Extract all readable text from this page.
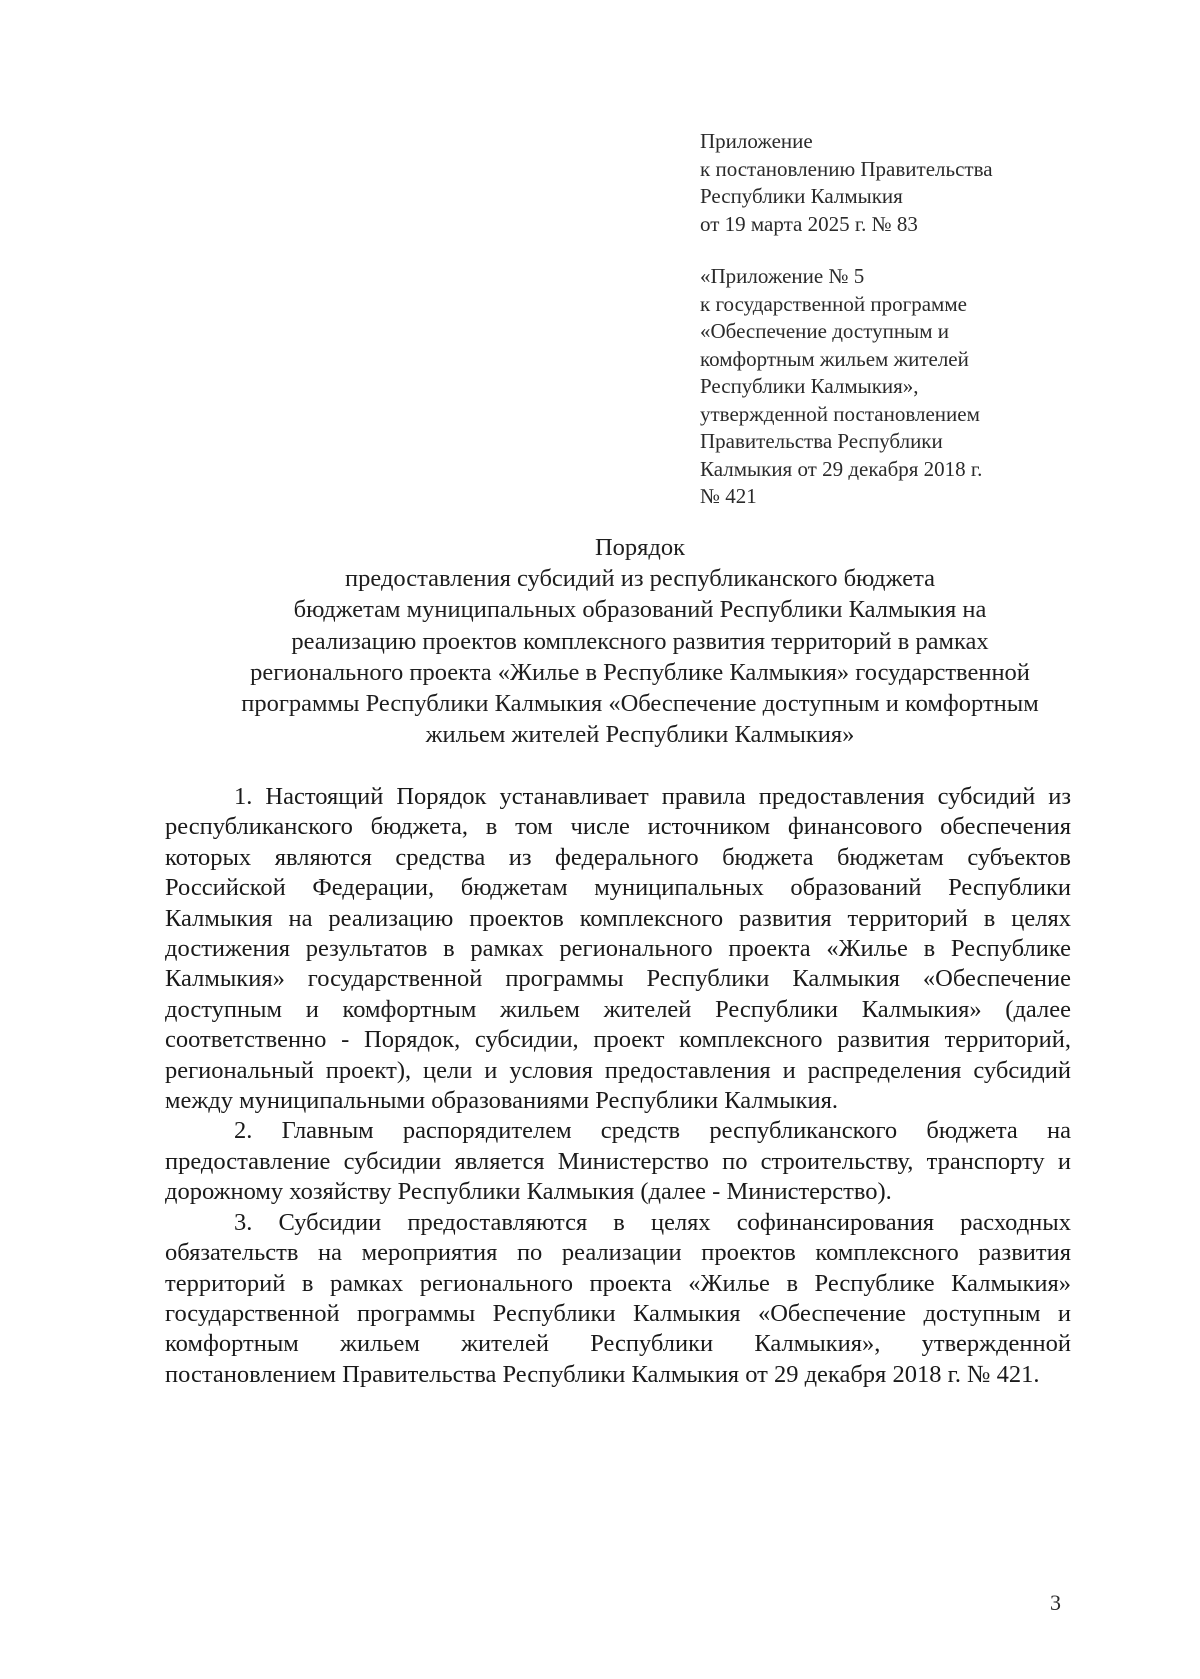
Приложение
к постановлению Правительства
Республики Калмыкия
от 19 марта 2025 г. № 83
«Приложение № 5
к государственной программе
«Обеспечение доступным и
комфортным жильем жителей
Республики Калмыкия»,
утвержденной постановлением
Правительства Республики
Калмыкия от 29 декабря 2018 г.
№ 421
Порядок
предоставления субсидий из республиканского бюджета
бюджетам муниципальных образований Республики Калмыкия на
реализацию проектов комплексного развития территорий в рамках
регионального проекта «Жилье в Республике Калмыкия» государственной
программы Республики Калмыкия «Обеспечение доступным и комфортным
жильем жителей Республики Калмыкия»

1. Настоящий Порядок устанавливает правила предоставления субсидий из республиканского бюджета, в том числе источником финансового обеспечения которых являются средства из федерального бюджета бюджетам субъектов Российской Федерации, бюджетам муниципальных образований Республики Калмыкия на реализацию проектов комплексного развития территорий в целях достижения результатов в рамках регионального проекта «Жилье в Республике Калмыкия» государственной программы Республики Калмыкия «Обеспечение доступным и комфортным жильем жителей Республики Калмыкия» (далее соответственно - Порядок, субсидии, проект комплексного развития территорий, региональный проект), цели и условия предоставления и распределения субсидий между муниципальными образованиями Республики Калмыкия.

2. Главным распорядителем средств республиканского бюджета на предоставление субсидии является Министерство по строительству, транспорту и дорожному хозяйству Республики Калмыкия (далее - Министерство).

3. Субсидии предоставляются в целях софинансирования расходных обязательств на мероприятия по реализации проектов комплексного развития территорий в рамках регионального проекта «Жилье в Республике Калмыкия» государственной программы Республики Калмыкия «Обеспечение доступным и комфортным жильем жителей Республики Калмыкия», утвержденной постановлением Правительства Республики Калмыкия от 29 декабря 2018 г. № 421.

3
